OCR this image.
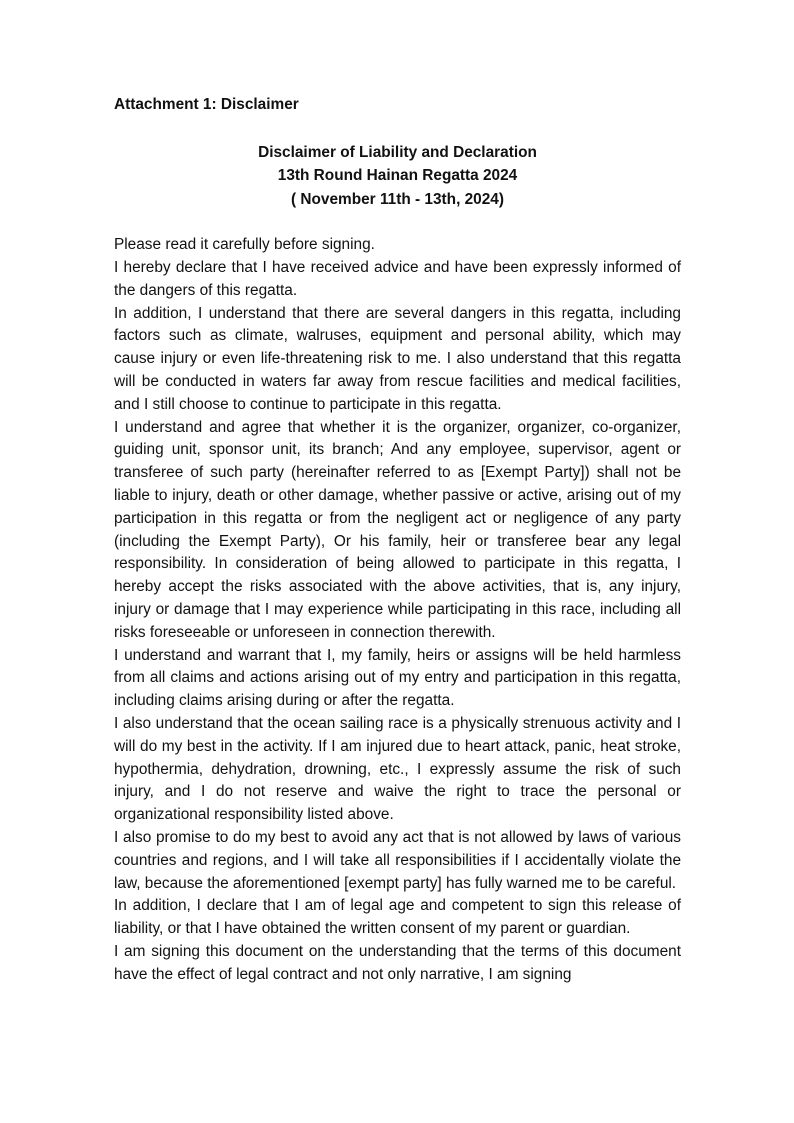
Attachment 1: Disclaimer
Disclaimer of Liability and Declaration
13th Round Hainan Regatta 2024
( November 11th - 13th, 2024)

Please read it carefully before signing.

I hereby declare that I have received advice and have been expressly informed of the dangers of this regatta.

In addition, I understand that there are several dangers in this regatta, including factors such as climate, walruses, equipment and personal ability, which may cause injury or even life-threatening risk to me. I also understand that this regatta will be conducted in waters far away from rescue facilities and medical facilities, and I still choose to continue to participate in this regatta.

I understand and agree that whether it is the organizer, organizer, co-organizer, guiding unit, sponsor unit, its branch; And any employee, supervisor, agent or transferee of such party (hereinafter referred to as [Exempt Party]) shall not be liable to injury, death or other damage, whether passive or active, arising out of my participation in this regatta or from the negligent act or negligence of any party (including the Exempt Party), Or his family, heir or transferee bear any legal responsibility. In consideration of being allowed to participate in this regatta, I hereby accept the risks associated with the above activities, that is, any injury, injury or damage that I may experience while participating in this race, including all risks foreseeable or unforeseen in connection therewith.

I understand and warrant that I, my family, heirs or assigns will be held harmless from all claims and actions arising out of my entry and participation in this regatta, including claims arising during or after the regatta.

I also understand that the ocean sailing race is a physically strenuous activity and I will do my best in the activity. If I am injured due to heart attack, panic, heat stroke, hypothermia, dehydration, drowning, etc., I expressly assume the risk of such injury, and I do not reserve and waive the right to trace the personal or organizational responsibility listed above.

I also promise to do my best to avoid any act that is not allowed by laws of various countries and regions, and I will take all responsibilities if I accidentally violate the law, because the aforementioned [exempt party] has fully warned me to be careful.

In addition, I declare that I am of legal age and competent to sign this release of liability, or that I have obtained the written consent of my parent or guardian.

I am signing this document on the understanding that the terms of this document have the effect of legal contract and not only narrative, I am signing
